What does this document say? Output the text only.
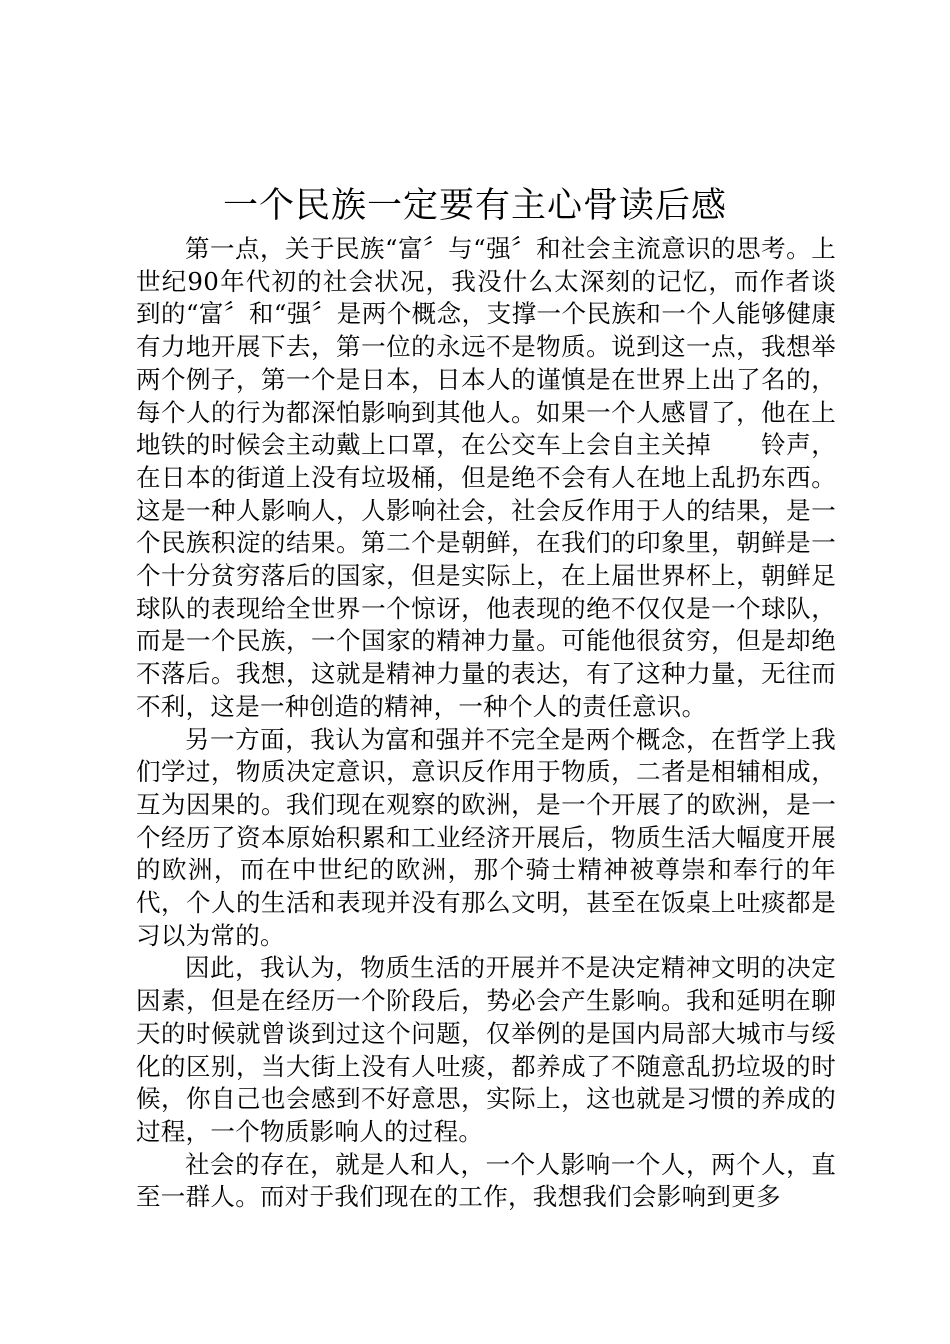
一个民族一定要有主心骨读后感

第一点，关于民族“富〞与“强〞和社会主流意识的思考。上世纪90年代初的社会状况，我没什么太深刻的记忆，而作者谈到的“富〞和“强〞是两个概念，支撑一个民族和一个人能够健康有力地开展下去，第一位的永远不是物质。说到这一点，我想举两个例子，第一个是日本，日本人的谨慎是在世界上出了名的，每个人的行为都深怕影响到其他人。如果一个人感冒了，他在上地铁的时候会主动戴上口罩，在公交车上会自主关掉　　铃声，在日本的街道上没有垃圾桶，但是绝不会有人在地上乱扔东西。这是一种人影响人，人影响社会，社会反作用于人的结果，是一个民族积淀的结果。第二个是朝鲜，在我们的印象里，朝鲜是一个十分贫穷落后的国家，但是实际上，在上届世界杯上，朝鲜足球队的表现给全世界一个惊讶，他表现的绝不仅仅是一个球队，而是一个民族，一个国家的精神力量。可能他很贫穷，但是却绝不落后。我想，这就是精神力量的表达，有了这种力量，无往而不利，这是一种创造的精神，一种个人的责任意识。

另一方面，我认为富和强并不完全是两个概念，在哲学上我们学过，物质决定意识，意识反作用于物质，二者是相辅相成，互为因果的。我们现在观察的欧洲，是一个开展了的欧洲，是一个经历了资本原始积累和工业经济开展后，物质生活大幅度开展的欧洲，而在中世纪的欧洲，那个骑士精神被尊崇和奉行的年代，个人的生活和表现并没有那么文明，甚至在饭桌上吐痰都是习以为常的。

因此，我认为，物质生活的开展并不是决定精神文明的决定因素，但是在经历一个阶段后，势必会产生影响。我和延明在聊天的时候就曾谈到过这个问题，仅举例的是国内局部大城市与绥化的区别，当大街上没有人吐痰，都养成了不随意乱扔垃圾的时候，你自己也会感到不好意思，实际上，这也就是习惯的养成的过程，一个物质影响人的过程。

社会的存在，就是人和人，一个人影响一个人，两个人，直至一群人。而对于我们现在的工作，我想我们会影响到更多
